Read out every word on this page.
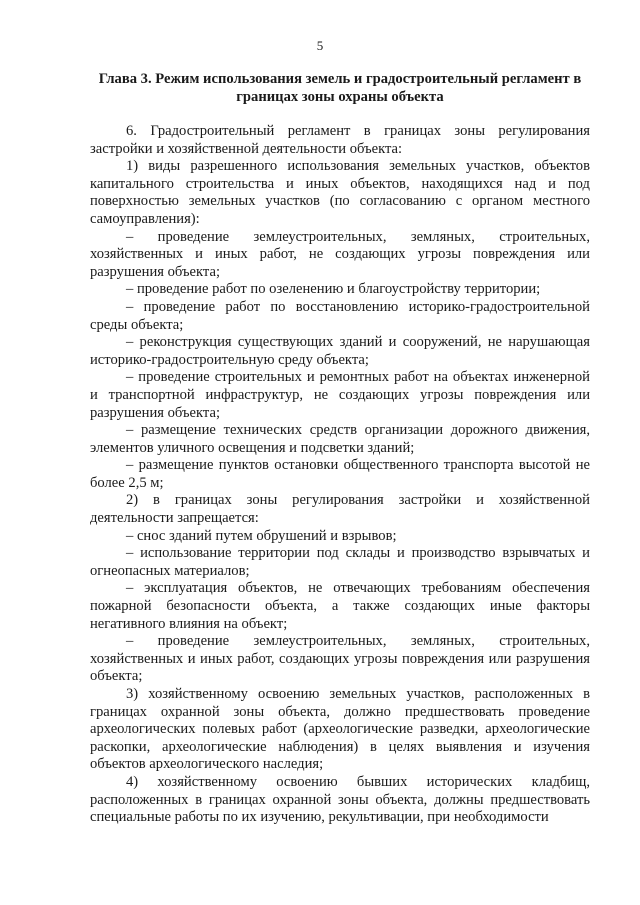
5
Глава 3. Режим использования земель и градостроительный регламент в границах зоны охраны объекта

6. Градостроительный регламент в границах зоны регулирования застройки и хозяйственной деятельности объекта:

1) виды разрешенного использования земельных участков, объектов капитального строительства и иных объектов, находящихся над и под поверхностью земельных участков (по согласованию с органом местного самоуправления):

– проведение землеустроительных, земляных, строительных, хозяйственных и иных работ, не создающих угрозы повреждения или разрушения объекта;

– проведение работ по озеленению и благоустройству территории;

– проведение работ по восстановлению историко-градостроительной среды объекта;

– реконструкция существующих зданий и сооружений, не нарушающая историко-градостроительную среду объекта;

– проведение строительных и ремонтных работ на объектах инженерной и транспортной инфраструктур, не создающих угрозы повреждения или разрушения объекта;

– размещение технических средств организации дорожного движения, элементов уличного освещения и подсветки зданий;

– размещение пунктов остановки общественного транспорта высотой не более 2,5 м;

2) в границах зоны регулирования застройки и хозяйственной деятельности запрещается:

– снос зданий путем обрушений и взрывов;

– использование территории под склады и производство взрывчатых и огнеопасных материалов;

– эксплуатация объектов, не отвечающих требованиям обеспечения пожарной безопасности объекта, а также создающих иные факторы негативного влияния на объект;

– проведение землеустроительных, земляных, строительных, хозяйственных и иных работ, создающих угрозы повреждения или разрушения объекта;

3) хозяйственному освоению земельных участков, расположенных в границах охранной зоны объекта, должно предшествовать проведение археологических полевых работ (археологические разведки, археологические раскопки, археологические наблюдения) в целях выявления и изучения объектов археологического наследия;

4) хозяйственному освоению бывших исторических кладбищ, расположенных в границах охранной зоны объекта, должны предшествовать специальные работы по их изучению, рекультивации, при необходимости
